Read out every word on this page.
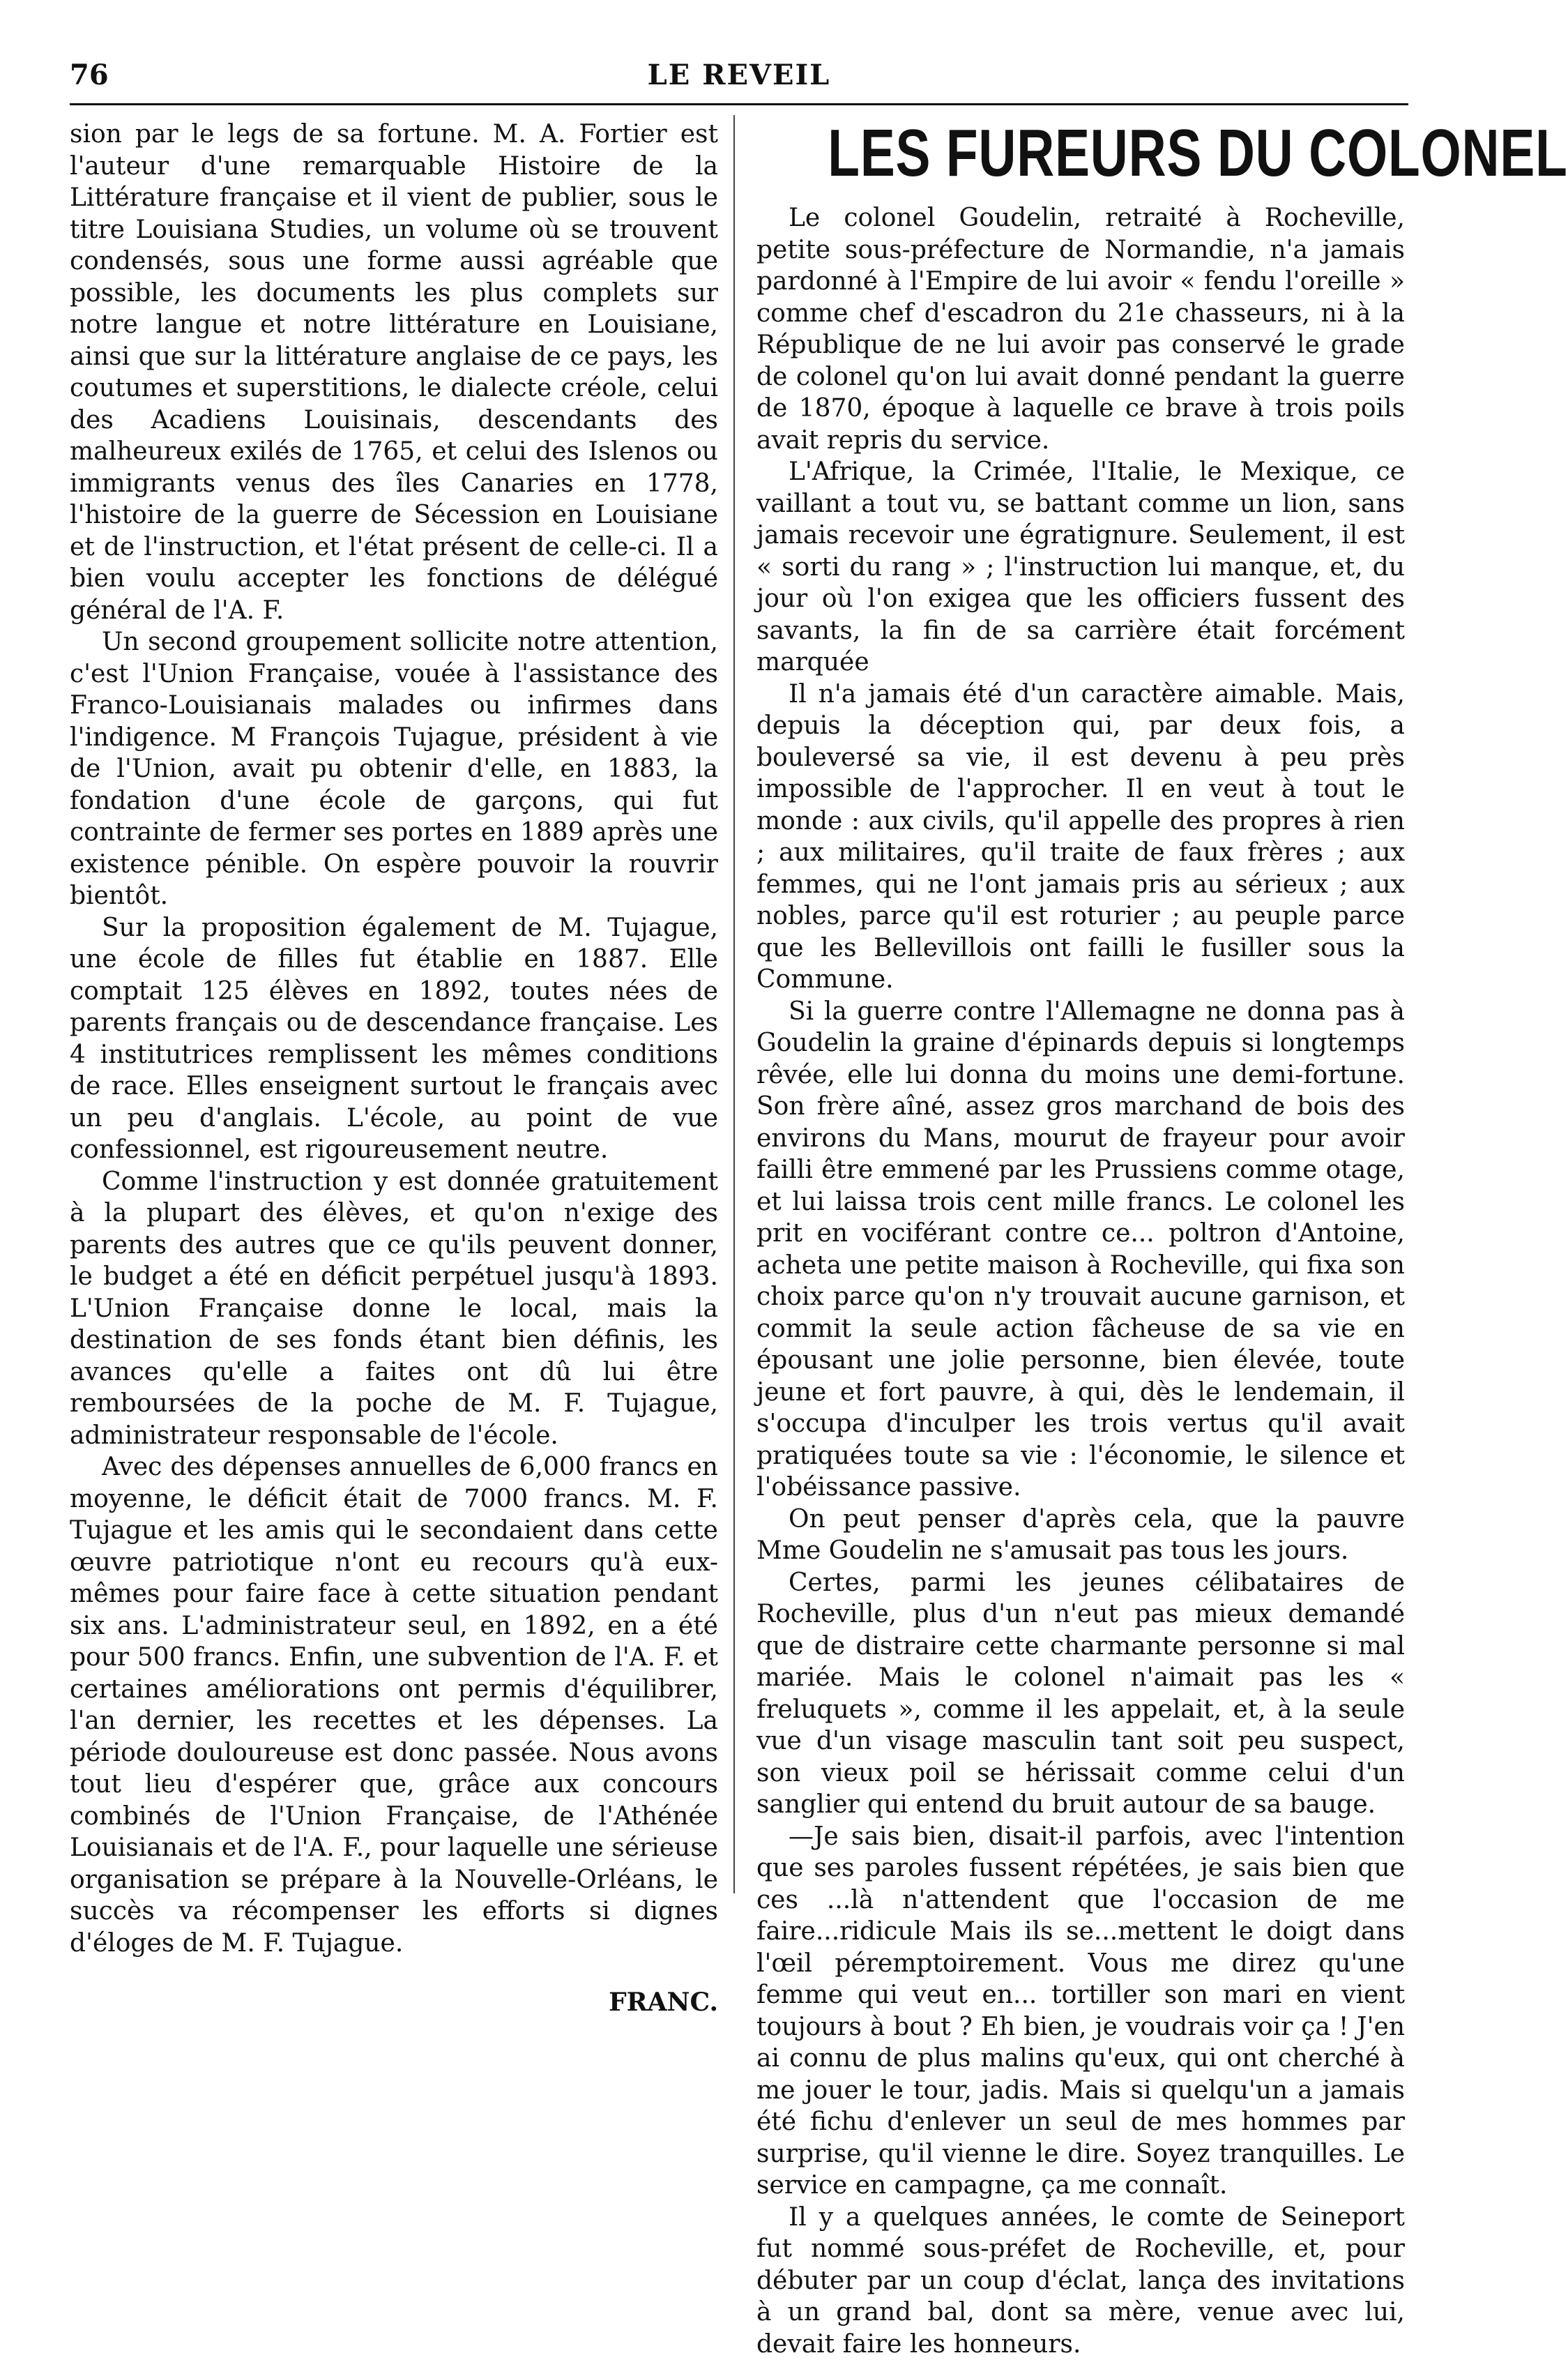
76	LE REVEIL

sion par le legs de sa fortune. M. A. Fortier est l'auteur d'une remarquable Histoire de la Littérature française et il vient de publier, sous le titre Louisiana Studies, un volume où se trouvent condensés, sous une forme aussi agréable que possible, les documents les plus complets sur notre langue et notre littérature en Louisiane, ainsi que sur la littérature anglaise de ce pays, les coutumes et superstitions, le dialecte créole, celui des Acadiens Louisinais, descendants des malheureux exilés de 1765, et celui des Islenos ou immigrants venus des îles Canaries en 1778, l'histoire de la guerre de Sécession en Louisiane et de l'instruction, et l'état présent de celle-ci. Il a bien voulu accepter les fonctions de délégué général de l'A. F.

Un second groupement sollicite notre attention, c'est l'Union Française, vouée à l'assistance des Franco-Louisianais malades ou infirmes dans l'indigence. M François Tujague, président à vie de l'Union, avait pu obtenir d'elle, en 1883, la fondation d'une école de garçons, qui fut contrainte de fermer ses portes en 1889 après une existence pénible. On espère pouvoir la rouvrir bientôt.

Sur la proposition également de M. Tujague, une école de filles fut établie en 1887. Elle comptait 125 élèves en 1892, toutes nées de parents français ou de descendance française. Les 4 institutrices remplissent les mêmes conditions de race. Elles enseignent surtout le français avec un peu d'anglais. L'école, au point de vue confessionnel, est rigoureusement neutre.

Comme l'instruction y est donnée gratuitement à la plupart des élèves, et qu'on n'exige des parents des autres que ce qu'ils peuvent donner, le budget a été en déficit perpétuel jusqu'à 1893. L'Union Française donne le local, mais la destination de ses fonds étant bien définis, les avances qu'elle a faites ont dû lui être remboursées de la poche de M. F. Tujague, administrateur responsable de l'école.

Avec des dépenses annuelles de 6,000 francs en moyenne, le déficit était de 7000 francs. M. F. Tujague et les amis qui le secondaient dans cette œuvre patriotique n'ont eu recours qu'à eux-mêmes pour faire face à cette situation pendant six ans. L'administrateur seul, en 1892, en a été pour 500 francs. Enfin, une subvention de l'A. F. et certaines améliorations ont permis d'équilibrer, l'an dernier, les recettes et les dépenses. La période douloureuse est donc passée. Nous avons tout lieu d'espérer que, grâce aux concours combinés de l'Union Française, de l'Athénée Louisianais et de l'A. F., pour laquelle une sérieuse organisation se prépare à la Nouvelle-Orléans, le succès va récompenser les efforts si dignes d'éloges de M. F. Tujague.

FRANC.
LES FUREURS DU COLONEL

Le colonel Goudelin, retraité à Rocheville, petite sous-préfecture de Normandie, n'a jamais pardonné à l'Empire de lui avoir « fendu l'oreille » comme chef d'escadron du 21e chasseurs, ni à la République de ne lui avoir pas conservé le grade de colonel qu'on lui avait donné pendant la guerre de 1870, époque à laquelle ce brave à trois poils avait repris du service.

L'Afrique, la Crimée, l'Italie, le Mexique, ce vaillant a tout vu, se battant comme un lion, sans jamais recevoir une égratignure. Seulement, il est « sorti du rang » ; l'instruction lui manque, et, du jour où l'on exigea que les officiers fussent des savants, la fin de sa carrière était forcément marquée

Il n'a jamais été d'un caractère aimable. Mais, depuis la déception qui, par deux fois, a bouleversé sa vie, il est devenu à peu près impossible de l'approcher. Il en veut à tout le monde : aux civils, qu'il appelle des propres à rien ; aux militaires, qu'il traite de faux frères ; aux femmes, qui ne l'ont jamais pris au sérieux ; aux nobles, parce qu'il est roturier ; au peuple parce que les Bellevillois ont failli le fusiller sous la Commune.

Si la guerre contre l'Allemagne ne donna pas à Goudelin la graine d'épinards depuis si longtemps rêvée, elle lui donna du moins une demi-fortune. Son frère aîné, assez gros marchand de bois des environs du Mans, mourut de frayeur pour avoir failli être emmené par les Prussiens comme otage, et lui laissa trois cent mille francs. Le colonel les prit en vociférant contre ce... poltron d'Antoine, acheta une petite maison à Rocheville, qui fixa son choix parce qu'on n'y trouvait aucune garnison, et commit la seule action fâcheuse de sa vie en épousant une jolie personne, bien élevée, toute jeune et fort pauvre, à qui, dès le lendemain, il s'occupa d'inculper les trois vertus qu'il avait pratiquées toute sa vie : l'économie, le silence et l'obéissance passive.

On peut penser d'après cela, que la pauvre Mme Goudelin ne s'amusait pas tous les jours.

Certes, parmi les jeunes célibataires de Rocheville, plus d'un n'eut pas mieux demandé que de distraire cette charmante personne si mal mariée. Mais le colonel n'aimait pas les « freluquets », comme il les appelait, et, à la seule vue d'un visage masculin tant soit peu suspect, son vieux poil se hérissait comme celui d'un sanglier qui entend du bruit autour de sa bauge.

—Je sais bien, disait-il parfois, avec l'intention que ses paroles fussent répétées, je sais bien que ces ...là n'attendent que l'occasion de me faire...ridicule Mais ils se...mettent le doigt dans l'œil péremptoirement. Vous me direz qu'une femme qui veut en... tortiller son mari en vient toujours à bout ? Eh bien, je voudrais voir ça ! J'en ai connu de plus malins qu'eux, qui ont cherché à me jouer le tour, jadis. Mais si quelqu'un a jamais été fichu d'enlever un seul de mes hommes par surprise, qu'il vienne le dire. Soyez tranquilles. Le service en campagne, ça me connaît.

Il y a quelques années, le comte de Seineport fut nommé sous-préfet de Rocheville, et, pour débuter par un coup d'éclat, lança des invitations à un grand bal, dont sa mère, venue avec lui, devait faire les honneurs.
